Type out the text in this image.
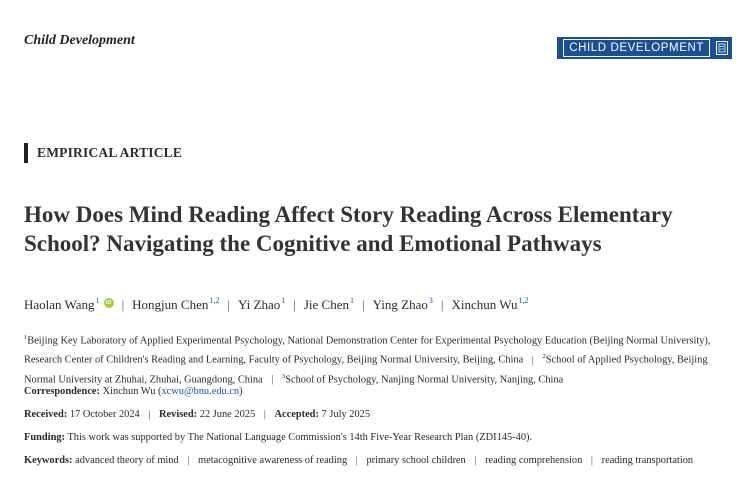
Child Development	CHILD DEVELOPMENT
EMPIRICAL ARTICLE
How Does Mind Reading Affect Story Reading Across Elementary School? Navigating the Cognitive and Emotional Pathways
Haolan Wang$^1$	iD | Hongjun Chen$^{1,2}$ | Yi Zhao$^1$ | Jie Chen$^1$ | Ying Zhao$^3$ | Xinchun Wu$^{1,2}$
$^1$Beijing Key Laboratory of Applied Experimental Psychology, National Demonstration Center for Experimental Psychology Education (Beijing Normal University), Research Center of Children's Reading and Learning, Faculty of Psychology, Beijing Normal University, Beijing, China | $^2$School of Applied Psychology, Beijing Normal University at Zhuhai, Zhuhai, Guangdong, China | $^3$School of Psychology, Nanjing Normal University, Nanjing, China
Correspondence: Xinchun Wu (xcwu@bnu.edu.cn)
Received: 17 October 2024 | Revised: 22 June 2025 | Accepted: 7 July 2025
Funding: This work was supported by The National Language Commission's 14th Five-Year Research Plan (ZDI145-40).
Keywords: advanced theory of mind | metacognitive awareness of reading | primary school children | reading comprehension | reading transportation
